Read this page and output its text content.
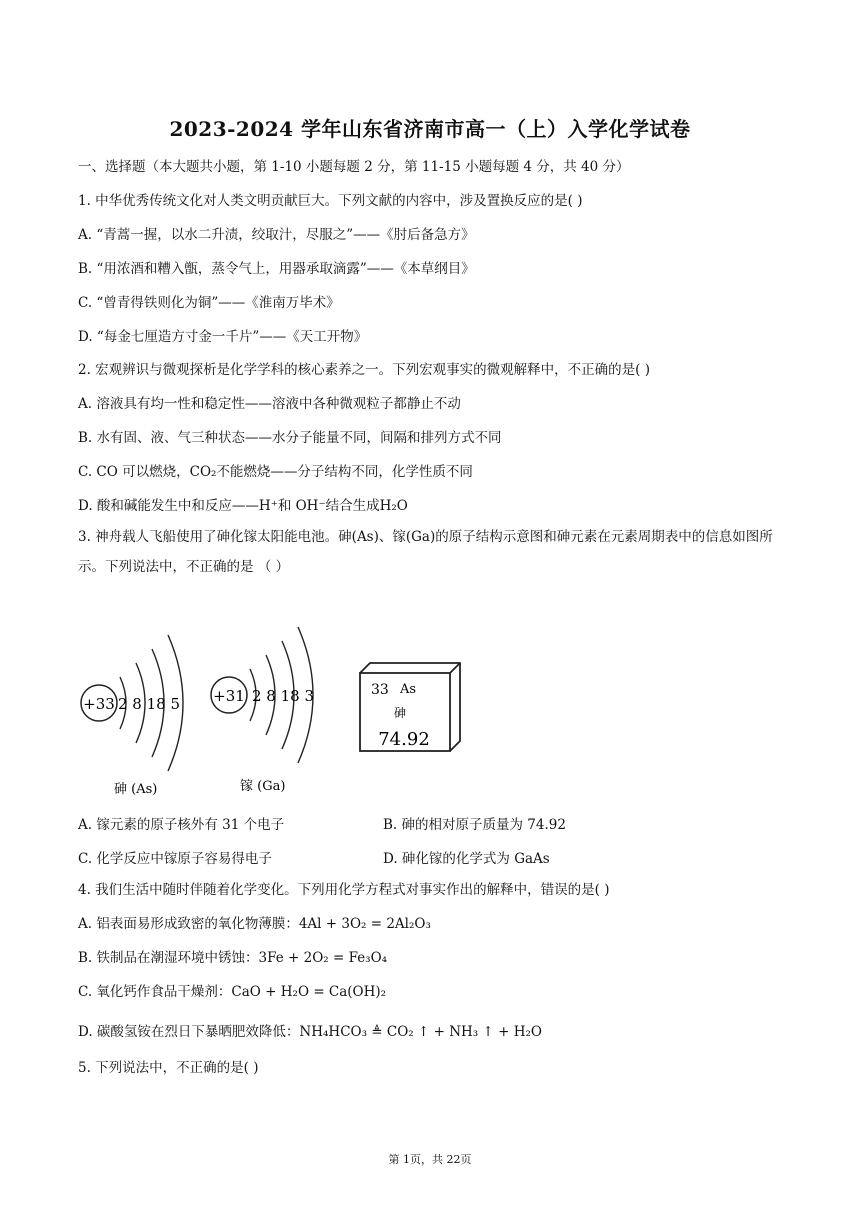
2023-2024 学年山东省济南市高一（上）入学化学试卷
一、选择题（本大题共小题，第 1-10 小题每题 2 分，第 11-15 小题每题 4 分，共 40 分）
1. 中华优秀传统文化对人类文明贡献巨大。下列文献的内容中，涉及置换反应的是( )
A. “青蒿一握，以水二升渍，绞取汁，尽服之”——《肘后备急方》
B. “用浓酒和糟入甑，蒸令气上，用器承取滴露”——《本草纲目》
C. “曾青得铁则化为铜”——《淮南万毕术》
D. “每金七厘造方寸金一千片”——《天工开物》
2. 宏观辨识与微观探析是化学学科的核心素养之一。下列宏观事实的微观解释中，不正确的是( )
A. 溶液具有均一性和稳定性——溶液中各种微观粒子都静止不动
B. 水有固、液、气三种状态——水分子能量不同，间隔和排列方式不同
C. CO 可以燃烧，CO₂不能燃烧——分子结构不同，化学性质不同
D. 酸和碱能发生中和反应——H⁺和 OH⁻结合生成H₂O
3. 神舟载人飞船使用了砷化镓太阳能电池。砷(As)、镓(Ga)的原子结构示意图和砷元素在元素周期表中的信息如图所示。下列说法中，不正确的是 （ ）
+33 2 8 18 5
砷 (As)
+31 2 8 18 3
镓 (Ga)
33 As
砷
74.92
A. 镓元素的原子核外有 31 个电子	B. 砷的相对原子质量为 74.92
C. 化学反应中镓原子容易得电子	D. 砷化镓的化学式为 GaAs
4. 我们生活中随时伴随着化学变化。下列用化学方程式对事实作出的解释中，错误的是( )
A. 铝表面易形成致密的氧化物薄膜：4Al + 3O₂ = 2Al₂O₃
B. 铁制品在潮湿环境中锈蚀：3Fe + 2O₂ = Fe₃O₄
C. 氧化钙作食品干燥剂：CaO + H₂O = Ca(OH)₂
D. 碳酸氢铵在烈日下暴晒肥效降低：NH₄HCO₃ ≜ CO₂ ↑ + NH₃ ↑ + H₂O
5. 下列说法中，不正确的是( )
第 1页，共 22页
